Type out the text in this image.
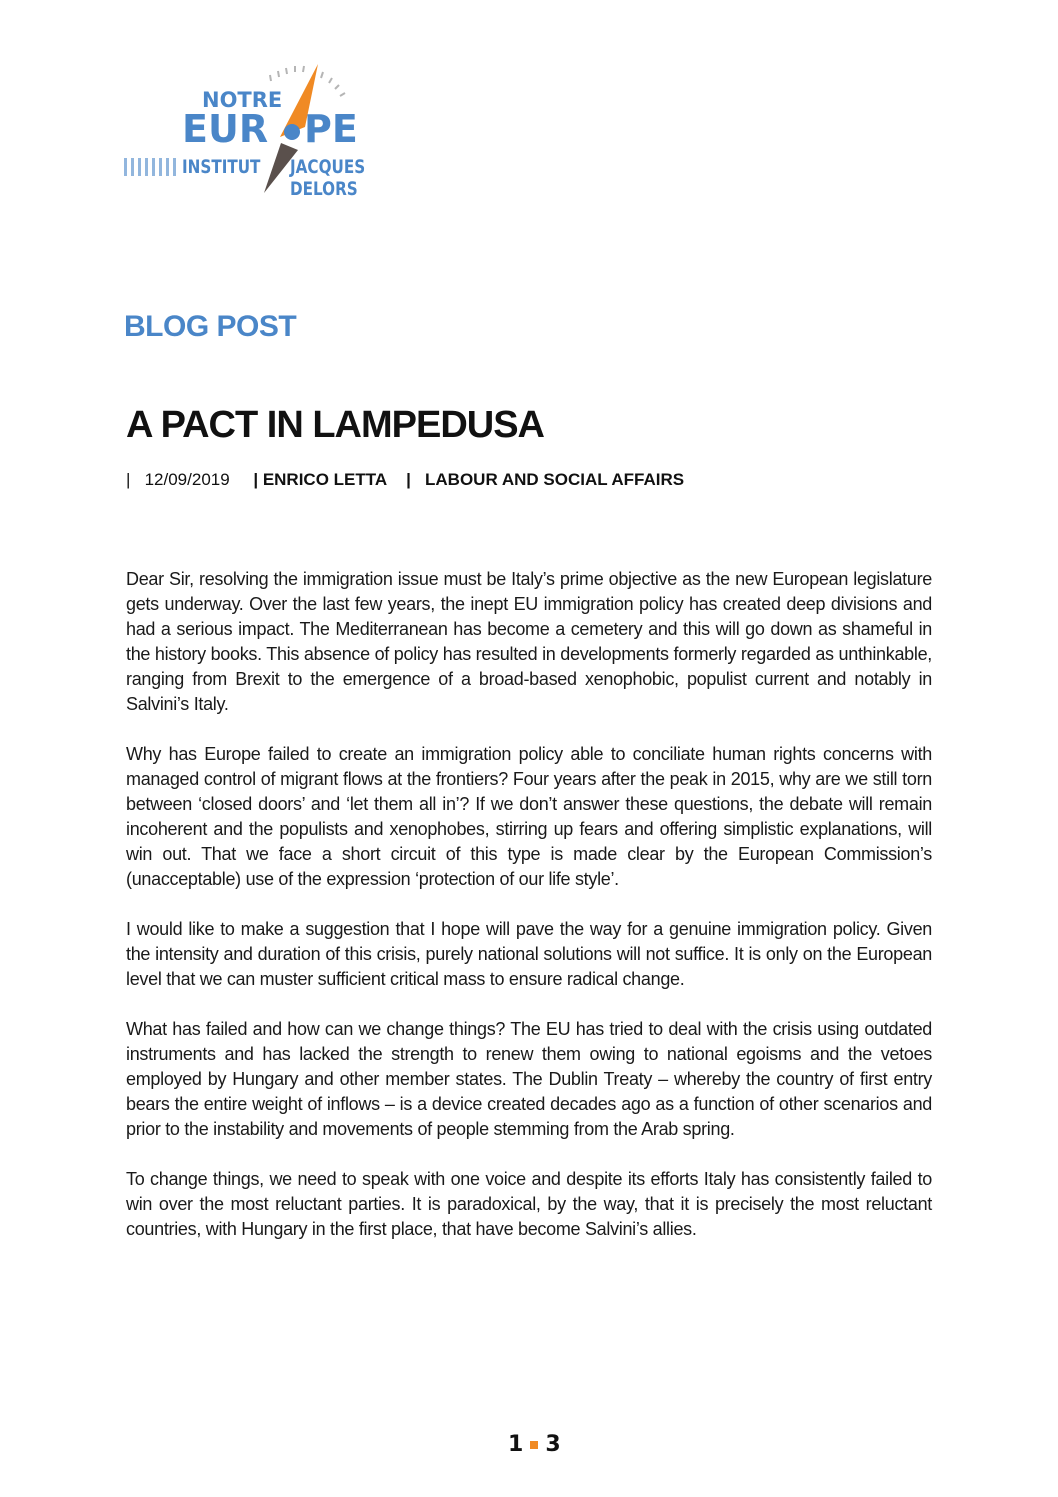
NOTRE
EUR PE
INSTITUT JACQUES DELORS
BLOG POST
A PACT IN LAMPEDUSA
| 12/09/2019 | ENRICO LETTA | LABOUR AND SOCIAL AFFAIRS

Dear Sir, resolving the immigration issue must be Italy’s prime objective as the new European legislature gets underway. Over the last few years, the inept EU immigration policy has created deep divisions and had a serious impact. The Mediterranean has become a cemetery and this will go down as shameful in the history books. This absence of policy has resulted in developments formerly regarded as unthinkable, ranging from Brexit to the emergence of a broad-based xenophobic, populist current and notably in Salvini’s Italy.

Why has Europe failed to create an immigration policy able to conciliate human rights concerns with managed control of migrant flows at the frontiers? Four years after the peak in 2015, why are we still torn between ‘closed doors’ and ‘let them all in’? If we don’t answer these questions, the debate will remain incoherent and the populists and xenophobes, stirring up fears and offering simplistic explanations, will win out. That we face a short circuit of this type is made clear by the European Commission’s (unacceptable) use of the expression ‘protection of our life style’.

I would like to make a suggestion that I hope will pave the way for a genuine immigration policy. Given the intensity and duration of this crisis, purely national solutions will not suffice. It is only on the European level that we can muster sufficient critical mass to ensure radical change.

What has failed and how can we change things? The EU has tried to deal with the crisis using outdated instruments and has lacked the strength to renew them owing to national egoisms and the vetoes employed by Hungary and other member states. The Dublin Treaty – whereby the country of first entry bears the entire weight of inflows – is a device created decades ago as a function of other scenarios and prior to the instability and movements of people stemming from the Arab spring.

To change things, we need to speak with one voice and despite its efforts Italy has consistently failed to win over the most reluctant parties. It is paradoxical, by the way, that it is precisely the most reluctant countries, with Hungary in the first place, that have become Salvini’s allies.

1 3
